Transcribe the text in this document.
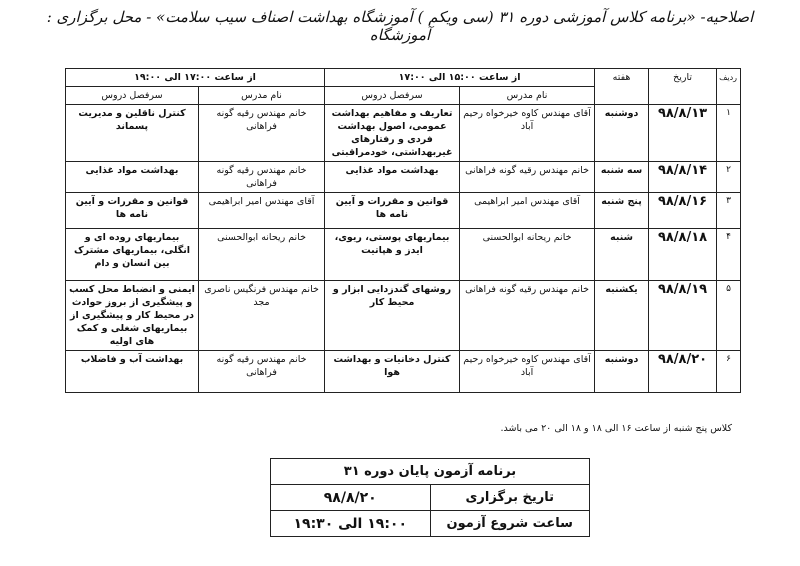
اصلاحیه- «برنامه کلاس آموزشی دوره ۳۱ (سی ویکم ) آموزشگاه بهداشت اصناف سیب سلامت» - محل برگزاری : آموزشگاه
ردیف	تاریخ	هفته	از ساعت ۱۵:۰۰ الی ۱۷:۰۰		از ساعت ۱۷:۰۰ الی ۱۹:۰۰	
			نام مدرس	سرفصل دروس	نام مدرس	سرفصل دروس
۱	۹۸/۸/۱۳	دوشنبه	آقای مهندس کاوه خیرخواه رحیم آباد	تعاریف و مفاهیم بهداشت عمومی، اصول بهداشت فردی و رفتارهای غیربهداشتی، خودمراقبتی	خانم مهندس رقیه گونه فراهانی	کنترل ناقلین و مدیریت پسماند
۲	۹۸/۸/۱۴	سه شنبه	خانم مهندس رقیه گونه فراهانی	بهداشت مواد غذایی	خانم مهندس رقیه گونه فراهانی	بهداشت مواد غذایی
۳	۹۸/۸/۱۶	پنج شنبه	آقای مهندس امیر ابراهیمی	قوانین و مقررات و آیین نامه ها	آقای مهندس امیر ابراهیمی	قوانین و مقررات و آیین نامه ها
۴	۹۸/۸/۱۸	شنبه	خانم ریحانه ابوالحسنی	بیماریهای پوستی، ریوی، ایدز و هپاتیت	خانم ریحانه ابوالحسنی	بیماریهای روده ای و انگلی، بیماریهای مشترک بین انسان و دام
۵	۹۸/۸/۱۹	یکشنبه	خانم مهندس رقیه گونه فراهانی	روشهای گندزدایی ابزار و محیط کار	خانم مهندس فرنگیس ناصری مجد	ایمنی و انضباط محل کسب و پیشگیری از بروز حوادث در محیط کار و پیشگیری از بیماریهای شغلی و کمک های اولیه
۶	۹۸/۸/۲۰	دوشنبه	آقای مهندس کاوه خیرخواه رحیم آباد	کنترل دخانیات و بهداشت هوا	خانم مهندس رقیه گونه فراهانی	بهداشت آب و فاضلاب
کلاس پنج شنبه از ساعت ۱۶ الی ۱۸ و ۱۸ الی ۲۰ می باشد.
برنامه آزمون پایان دوره ۳۱	
تاریخ برگزاری	۹۸/۸/۲۰
ساعت شروع آزمون	۱۹:۰۰ الی ۱۹:۳۰
